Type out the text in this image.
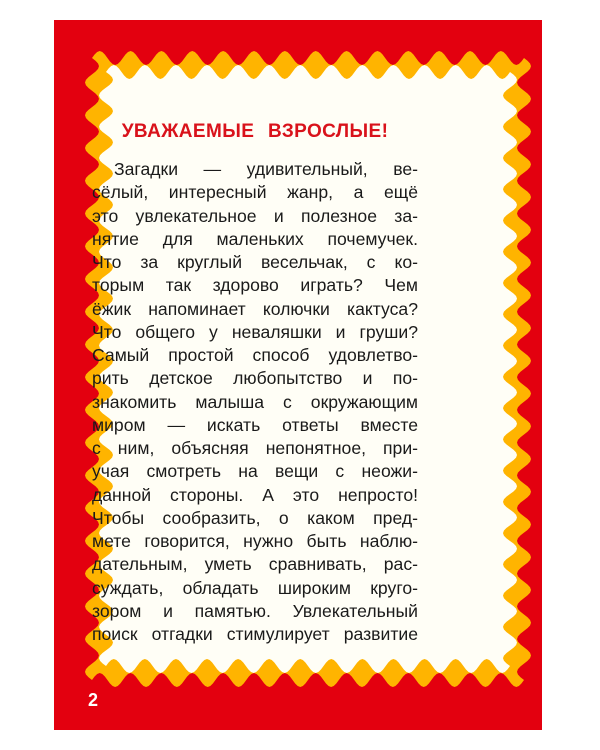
УВАЖАЕМЫЕ ВЗРОСЛЫЕ!
Загадки — удивительный, ве-
сёлый, интересный жанр, а ещё
это увлекательное и полезное за-
нятие для маленьких почемучек.
Что за круглый весельчак, с ко-
торым так здорово играть? Чем
ёжик напоминает колючки кактуса?
Что общего у неваляшки и груши?
Самый простой способ удовлетво-
рить детское любопытство и по-
знакомить малыша с окружающим
миром — искать ответы вместе
с ним, объясняя непонятное, при-
учая смотреть на вещи с неожи-
данной стороны. А это непросто!
Чтобы сообразить, о каком пред-
мете говорится, нужно быть наблю-
дательным, уметь сравнивать, рас-
суждать, обладать широким круго-
зором и памятью. Увлекательный
поиск отгадки стимулирует развитие
2
